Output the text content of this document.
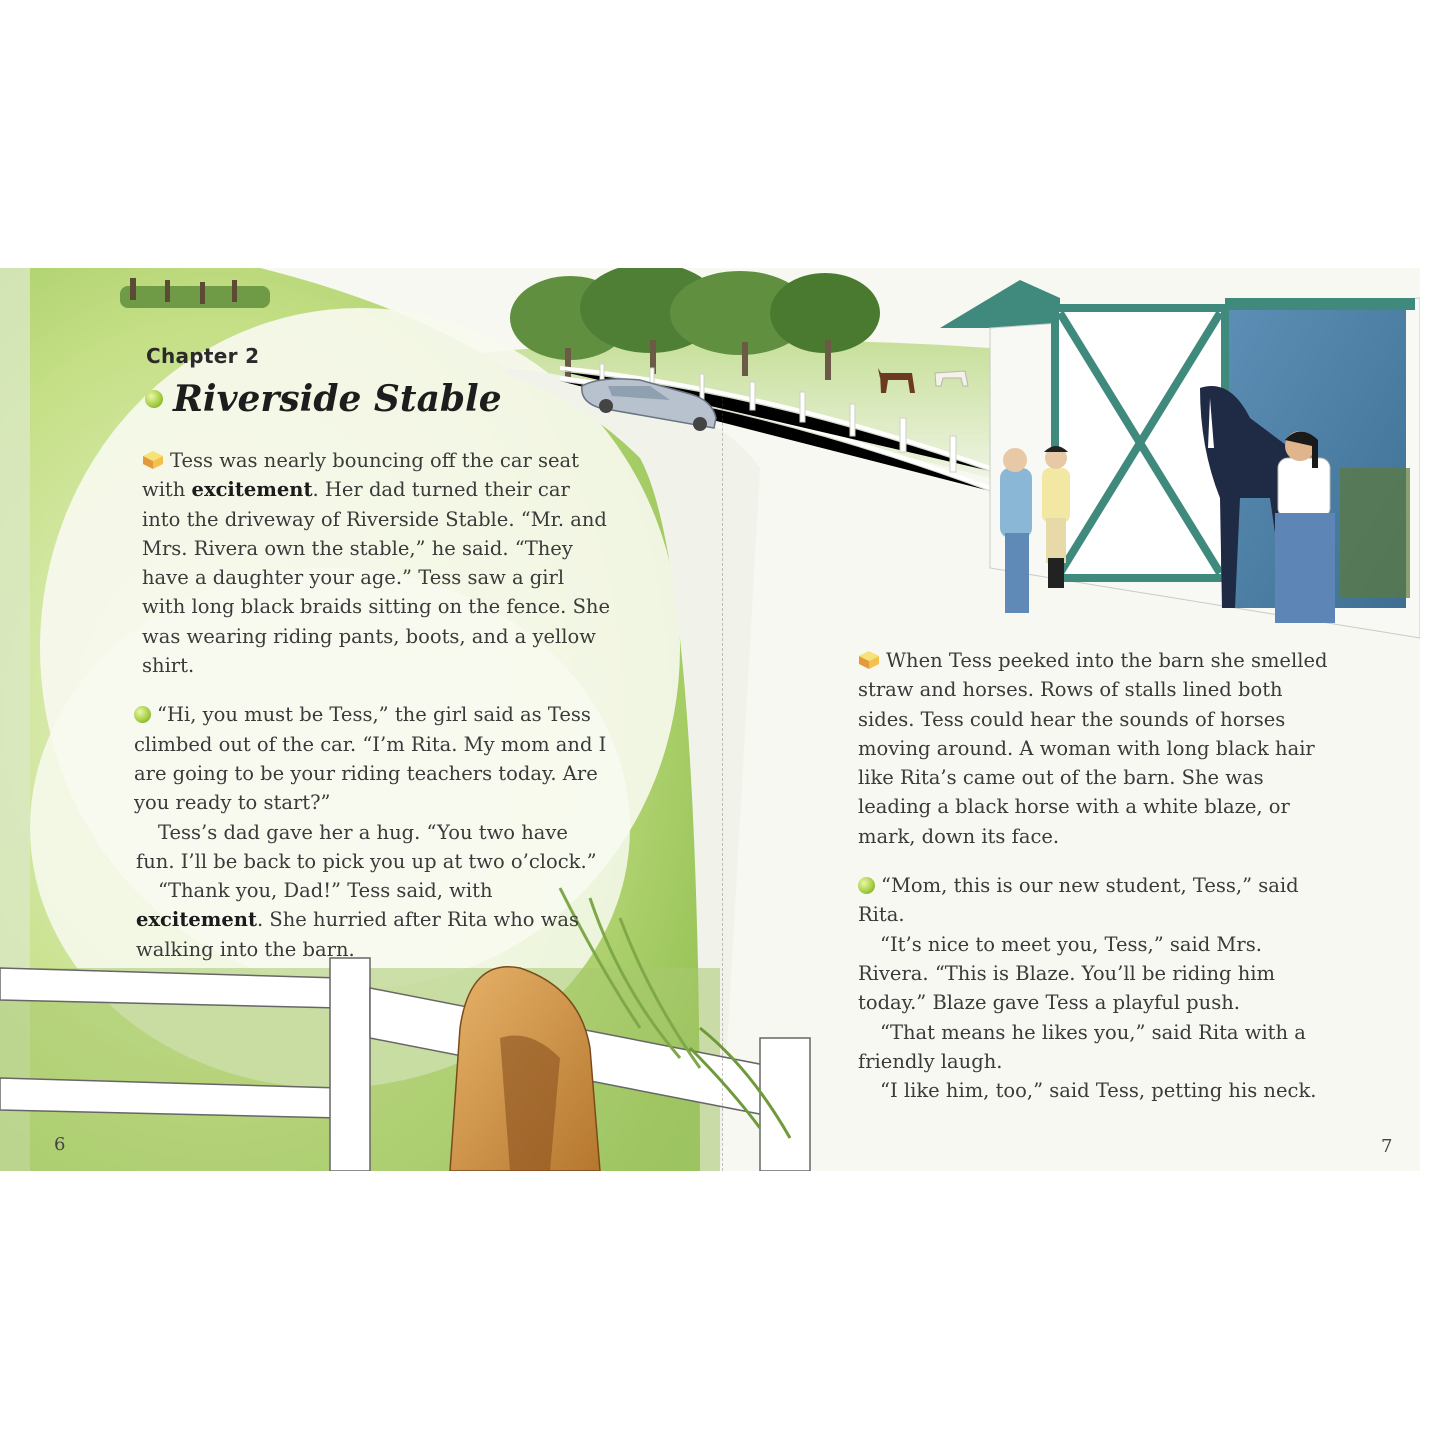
Chapter 2
Riverside Stable

Tess was nearly bouncing off the car seat with excitement. Her dad turned their car into the driveway of Riverside Stable. “Mr. and Mrs. Rivera own the stable,” he said. “They have a daughter your age.” Tess saw a girl with long black braids sitting on the fence. She was wearing riding pants, boots, and a yellow shirt.

“Hi, you must be Tess,” the girl said as Tess climbed out of the car. “I’m Rita. My mom and I are going to be your riding teachers today. Are you ready to start?”

Tess’s dad gave her a hug. “You two have fun. I’ll be back to pick you up at two o’clock.”

“Thank you, Dad!” Tess said, with excitement. She hurried after Rita who was walking into the barn.

6

When Tess peeked into the barn she smelled straw and horses. Rows of stalls lined both sides. Tess could hear the sounds of horses moving around. A woman with long black hair like Rita’s came out of the barn. She was leading a black horse with a white blaze, or mark, down its face.

“Mom, this is our new student, Tess,” said Rita.

“It’s nice to meet you, Tess,” said Mrs. Rivera. “This is Blaze. You’ll be riding him today.” Blaze gave Tess a playful push.

“That means he likes you,” said Rita with a friendly laugh.

“I like him, too,” said Tess, petting his neck.

7
